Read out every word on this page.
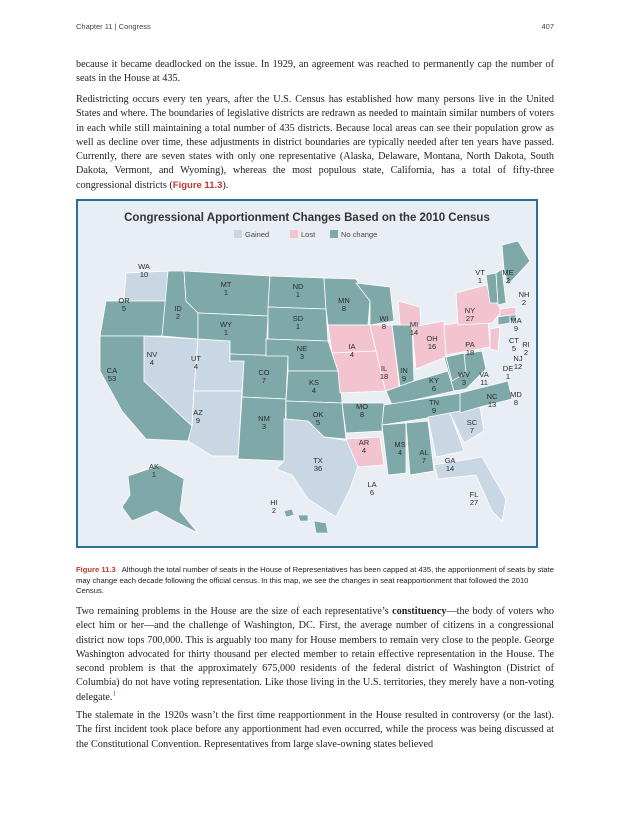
Chapter 11 | Congress	407

because it became deadlocked on the issue. In 1929, an agreement was reached to permanently cap the number of seats in the House at 435.

Redistricting occurs every ten years, after the U.S. Census has established how many persons live in the United States and where. The boundaries of legislative districts are redrawn as needed to maintain similar numbers of voters in each while still maintaining a total number of 435 districts. Because local areas can see their population grow as well as decline over time, these adjustments in district boundaries are typically needed after ten years have passed. Currently, there are seven states with only one representative (Alaska, Delaware, Montana, North Dakota, South Dakota, Vermont, and Wyoming), whereas the most populous state, California, has a total of fifty-three congressional districts (Figure 11.3).

Congressional Apportionment Changes Based on the 2010 Census
Gained	Lost	No change
WA
10
OR
5
CA
53
ID
2
NV
4	UT
4
AZ
9
MT
1
WY
1
CO
7
NM
3
ND
1
SD
1
NE
3
KS
4
OK
5
TX
36
MN
8
IA
4
MO
8
AR
4
LA
6
WI
8
IL
18
MI
14
IN
9
OH
16
KY
6
TN
9
MS
4 AL
7 GA
14
FL
27
SC
7
NC
13
VA
11
WV
3
MD
8
DE
1
PA
18
NJ
12
NY
27
CT
5 RI
2
MA
9
VT
1
NH
2
ME
2
AK
1
HI
2

Figure 11.3 Although the total number of seats in the House of Representatives has been capped at 435, the apportionment of seats by state may change each decade following the official census. In this map, we see the changes in seat reapportionment that followed the 2010 Census.

Two remaining problems in the House are the size of each representative’s constituency—the body of voters who elect him or her—and the challenge of Washington, DC. First, the average number of citizens in a congressional district now tops 700,000. This is arguably too many for House members to remain very close to the people. George Washington advocated for thirty thousand per elected member to retain effective representation in the House. The second problem is that the approximately 675,000 residents of the federal district of Washington (District of Columbia) do not have voting representation. Like those living in the U.S. territories, they merely have a non-voting delegate.$^1$

The stalemate in the 1920s wasn’t the first time reapportionment in the House resulted in controversy (or the last). The first incident took place before any apportionment had even occurred, while the process was being discussed at the Constitutional Convention. Representatives from large slave-owning states believed
